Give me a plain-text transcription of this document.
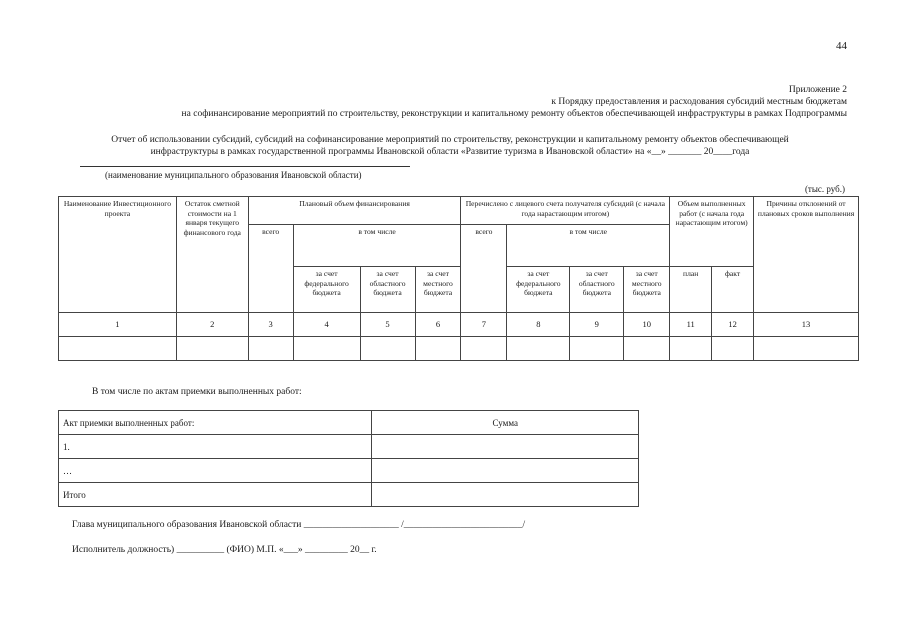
44
Приложение 2
к Порядку предоставления и расходования субсидий местным бюджетам
на софинансирование мероприятий по строительству, реконструкции и капитальному ремонту объектов обеспечивающей инфраструктуры в рамках Подпрограммы
Отчет об использовании субсидий, субсидий на софинансирование мероприятий по строительству, реконструкции и капитальному ремонту объектов обеспечивающей
инфраструктуры в рамках государственной программы Ивановской области «Развитие туризма в Ивановской области» на «__» _______ 20____года
(наименование муниципального образования Ивановской области)
(тыс. руб.)
Наименование Инвестиционного проекта	Остаток сметной стоимости на 1 января текущего финансового года	Плановый объем финансирования				Перечислено с лицевого счета получателя субсидий (с начала года нарастающим итогом)				Объем выполненных работ (с начала года нарастающим итогом)		Причины отклонений от плановых сроков выполнения
		всего	в том числе			всего	в том числе					
			за счет федерального бюджета	за счет областного бюджета	за счет местного бюджета		за счет федерального бюджета	за счет областного бюджета	за счет местного бюджета	план	факт	
1	2	3	4	5	6	7	8	9	10	11	12	13

В том числе по актам приемки выполненных работ:
Акт приемки выполненных работ:	Сумма
1.	
…	
Итого	
Глава муниципального образования Ивановской области ____________________ /_________________________/
Исполнитель должность) __________ (ФИО) М.П. «___» _________ 20__ г.
